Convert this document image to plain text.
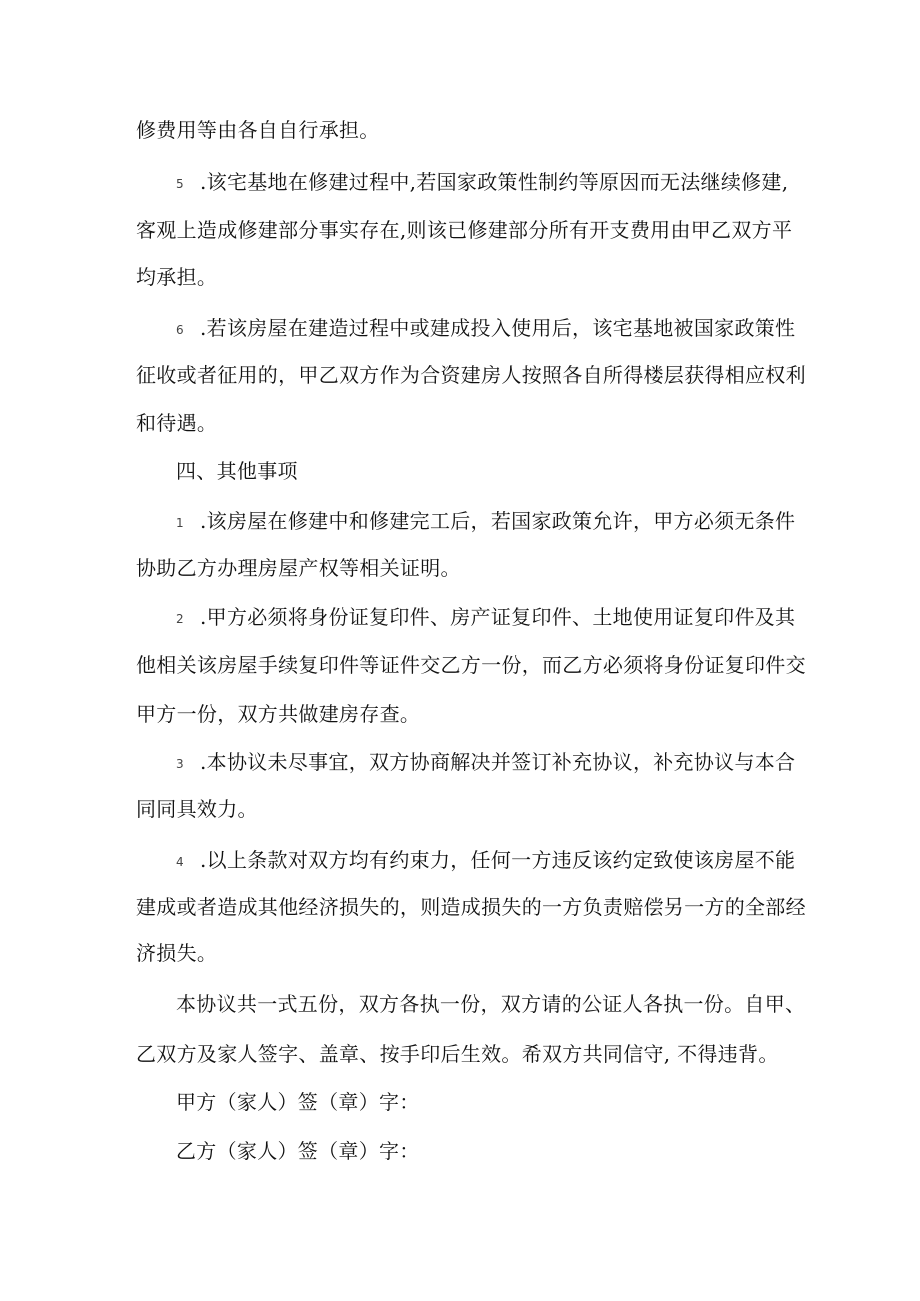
修费用等由各自自行承担。
5 .该宅基地在修建过程中,若国家政策性制约等原因而无法继续修建,
客观上造成修建部分事实存在,则该已修建部分所有开支费用由甲乙双方平
均承担。
6 .若该房屋在建造过程中或建成投入使用后，该宅基地被国家政策性
征收或者征用的，甲乙双方作为合资建房人按照各自所得楼层获得相应权利
和待遇。
四、其他事项
1 .该房屋在修建中和修建完工后，若国家政策允许，甲方必须无条件
协助乙方办理房屋产权等相关证明。
2 .甲方必须将身份证复印件、房产证复印件、土地使用证复印件及其
他相关该房屋手续复印件等证件交乙方一份，而乙方必须将身份证复印件交
甲方一份，双方共做建房存查。
3 .本协议未尽事宜，双方协商解决并签订补充协议，补充协议与本合
同同具效力。
4 .以上条款对双方均有约束力，任何一方违反该约定致使该房屋不能
建成或者造成其他经济损失的，则造成损失的一方负责赔偿另一方的全部经
济损失。
本协议共一式五份，双方各执一份，双方请的公证人各执一份。自甲、
乙双方及家人签字、盖章、按手印后生效。希双方共同信守, 不得违背。
甲方（家人）签（章）字：
乙方（家人）签（章）字：
